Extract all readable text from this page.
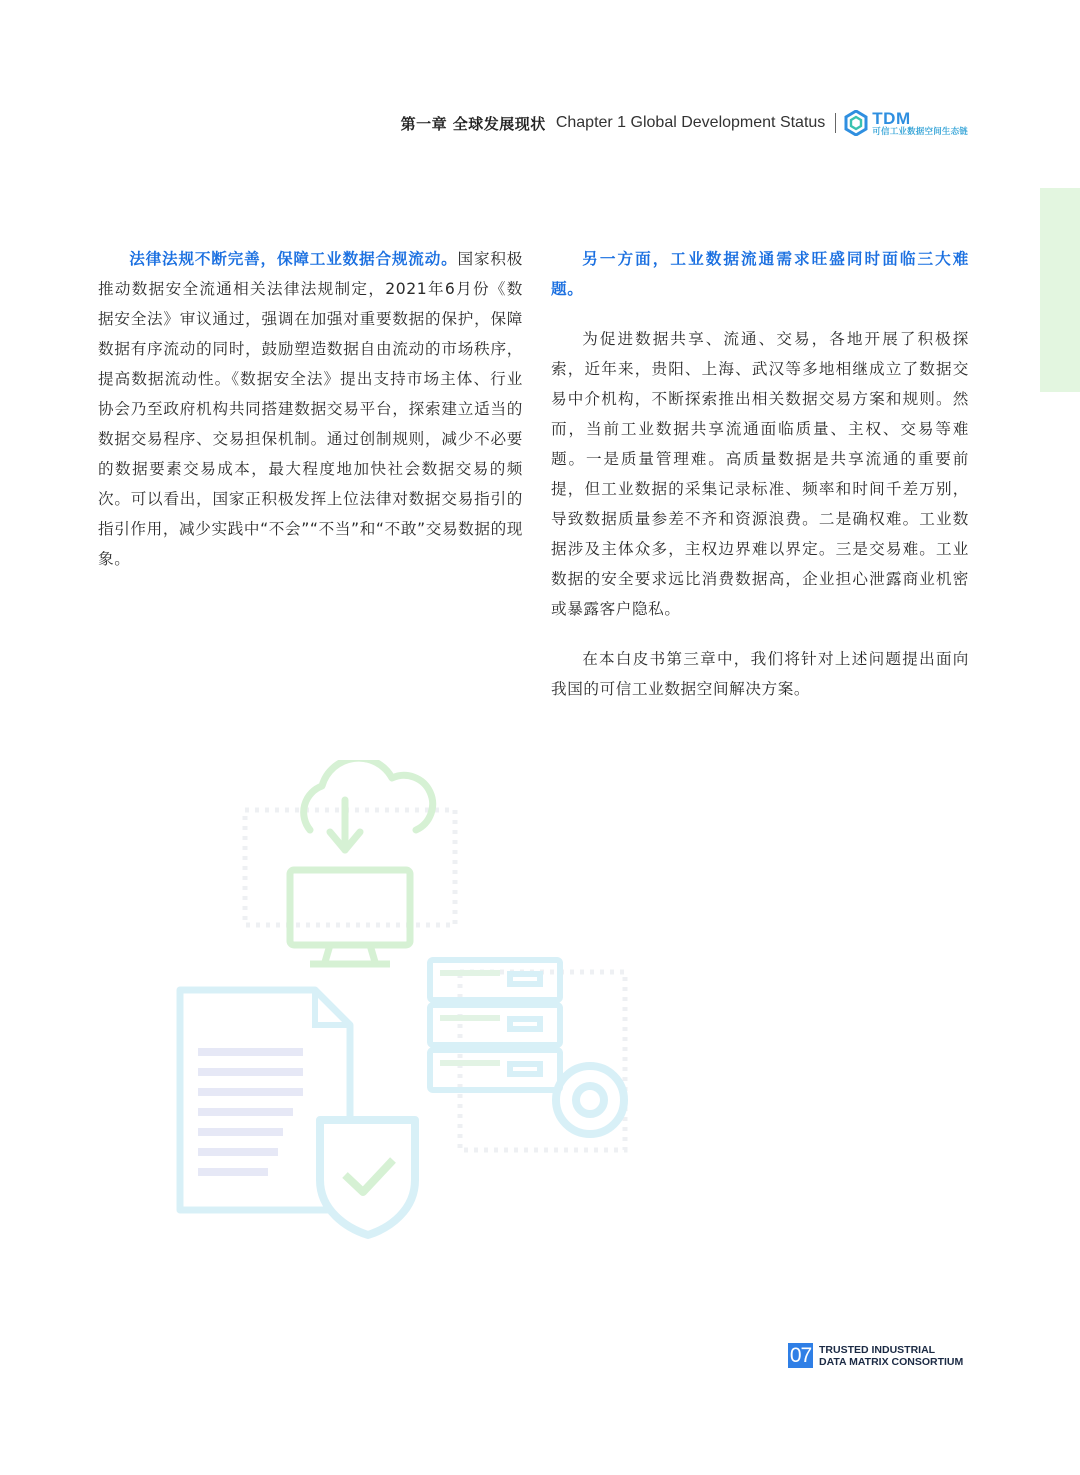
第一章 全球发展现状 Chapter 1 Global Development Status	TDM
可信工业数据空间生态链

法律法规不断完善，保障工业数据合规流动。国家积极推动数据安全流通相关法律法规制定，2021年6月份《数据安全法》审议通过，强调在加强对重要数据的保护，保障数据有序流动的同时，鼓励塑造数据自由流动的市场秩序，提高数据流动性。《数据安全法》提出支持市场主体、行业协会乃至政府机构共同搭建数据交易平台，探索建立适当的数据交易程序、交易担保机制。通过创制规则，减少不必要的数据要素交易成本，最大程度地加快社会数据交易的频次。可以看出，国家正积极发挥上位法律对数据交易指引的指引作用，减少实践中“不会”“不当”和“不敢”交易数据的现象。

另一方面，工业数据流通需求旺盛同时面临三大难题。

为促进数据共享、流通、交易，各地开展了积极探索，近年来，贵阳、上海、武汉等多地相继成立了数据交易中介机构，不断探索推出相关数据交易方案和规则。然而，当前工业数据共享流通面临质量、主权、交易等难题。一是质量管理难。高质量数据是共享流通的重要前提，但工业数据的采集记录标准、频率和时间千差万别，导致数据质量参差不齐和资源浪费。二是确权难。工业数据涉及主体众多，主权边界难以界定。三是交易难。工业数据的安全要求远比消费数据高，企业担心泄露商业机密或暴露客户隐私。

在本白皮书第三章中，我们将针对上述问题提出面向我国的可信工业数据空间解决方案。

07 TRUSTED INDUSTRIAL
DATA MATRIX CONSORTIUM
